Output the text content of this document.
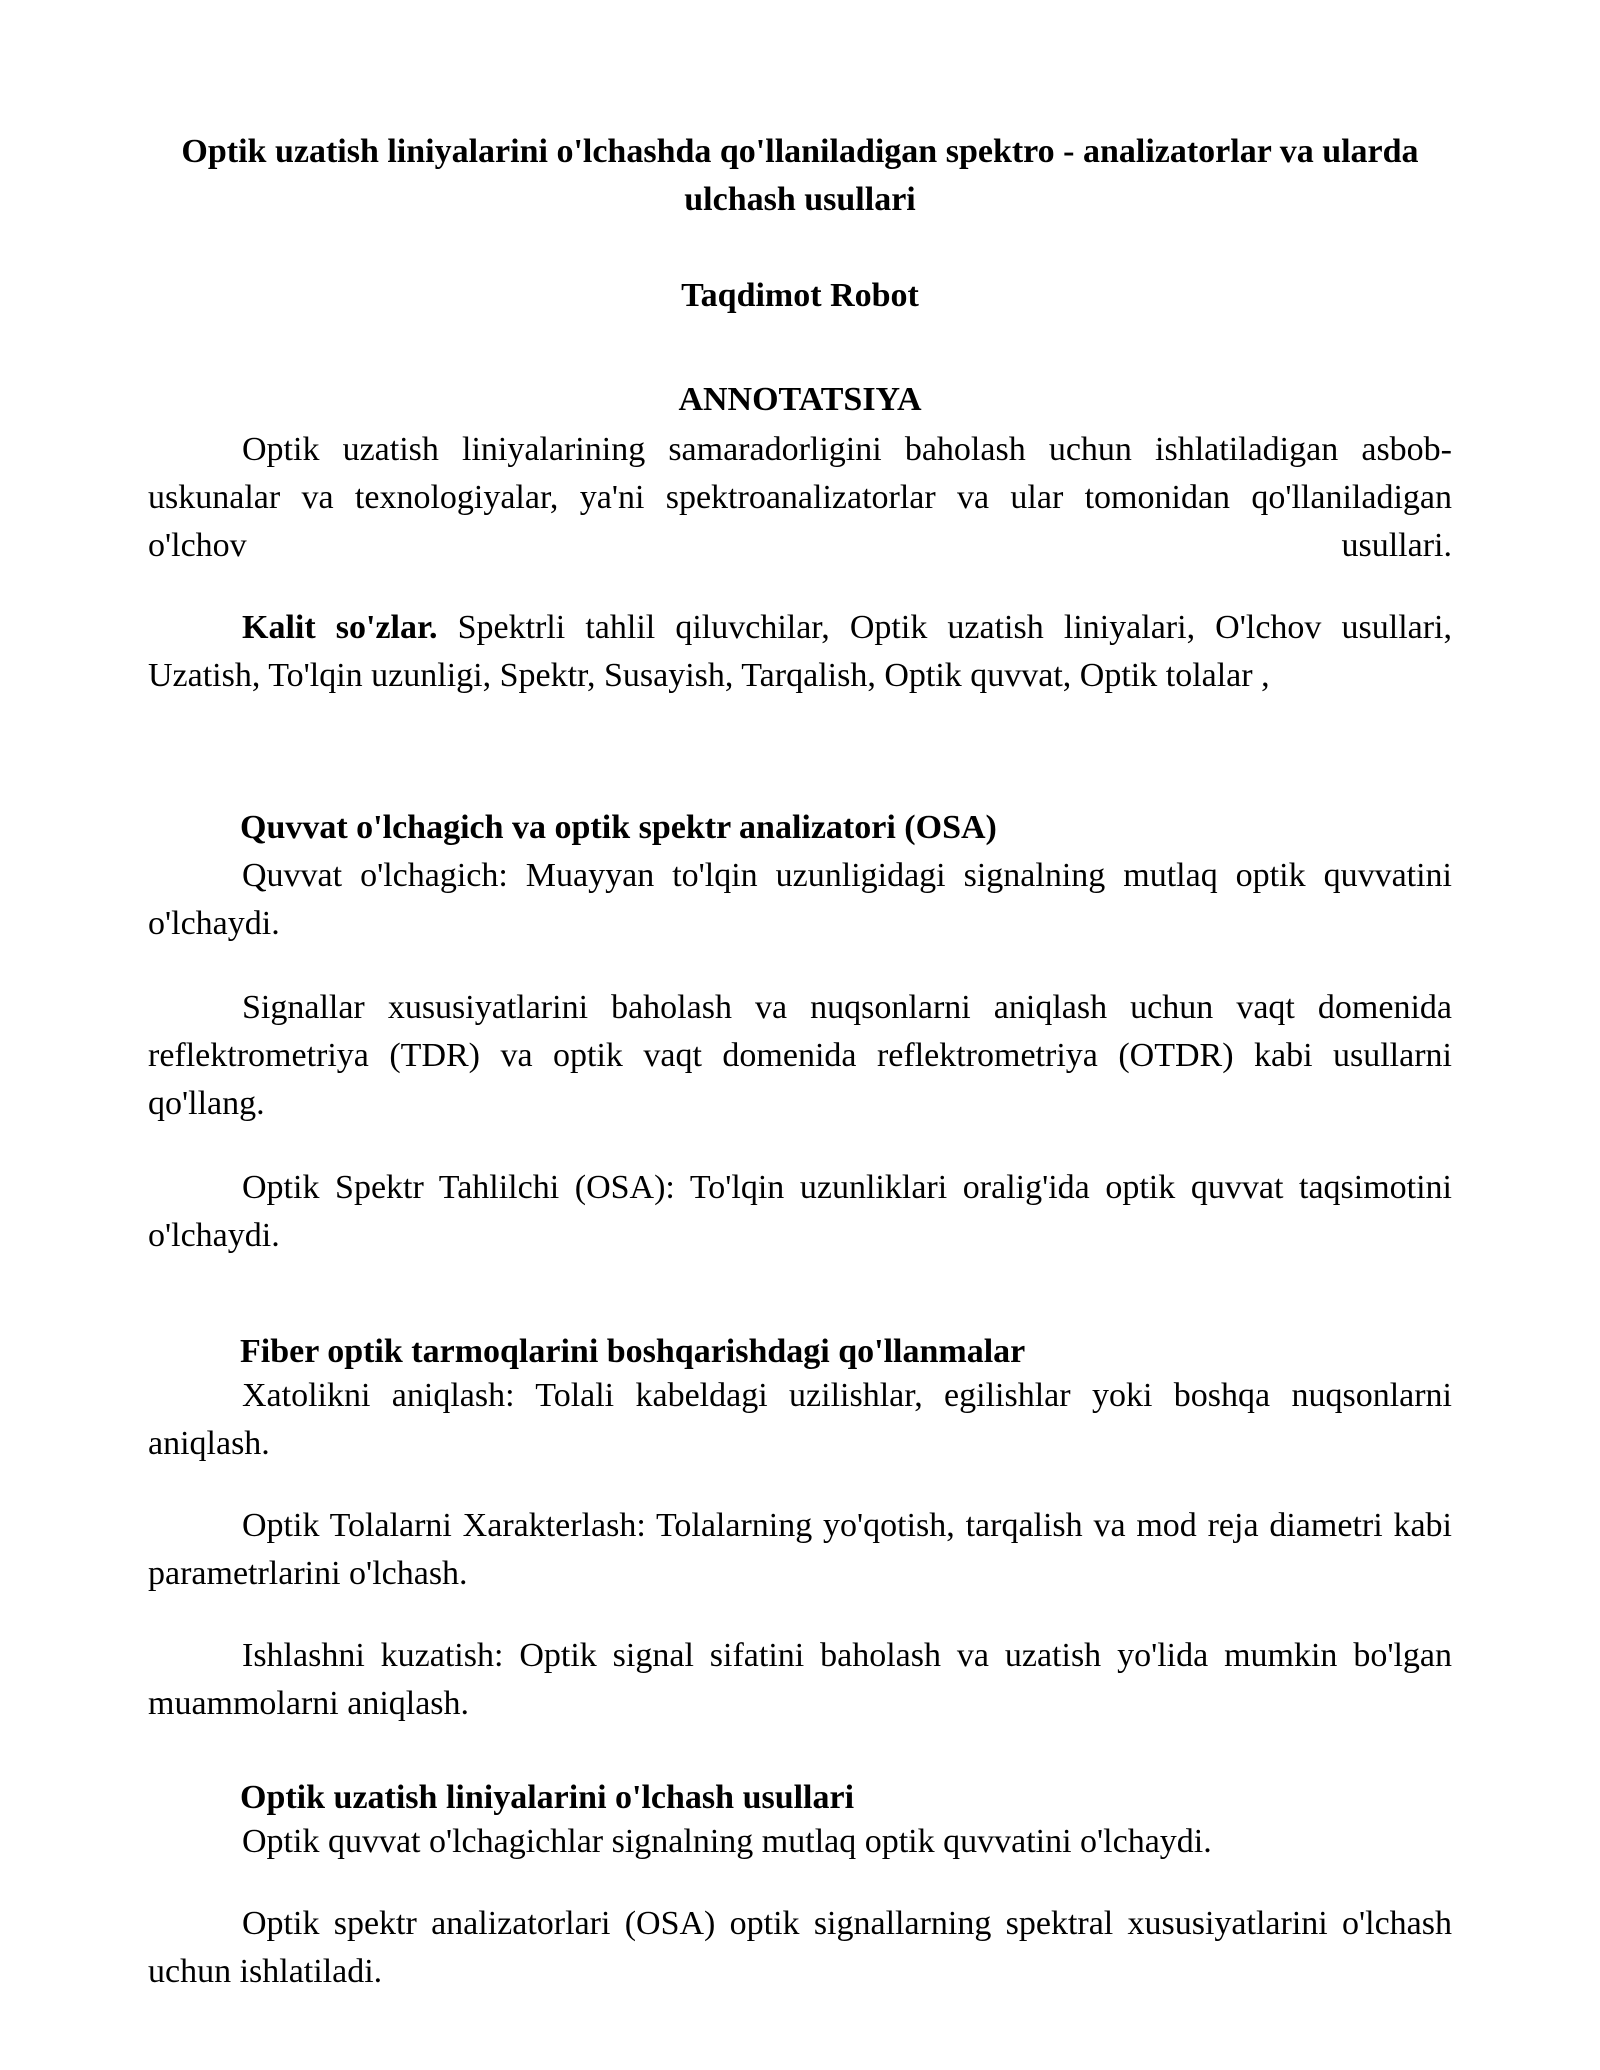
Optik uzatish liniyalarini o'lchashda qo'llaniladigan spektro - analizatorlar va ularda ulchash usullari

Taqdimot Robot

ANNOTATSIYA

Optik uzatish liniyalarining samaradorligini baholash uchun ishlatiladigan asbob-uskunalar va texnologiyalar, ya'ni spektroanalizatorlar va ular tomonidan qo'llaniladigan o'lchov usullari.

Kalit so'zlar. Spektrli tahlil qiluvchilar, Optik uzatish liniyalari, O'lchov usullari, Uzatish, To'lqin uzunligi, Spektr, Susayish, Tarqalish, Optik quvvat, Optik tolalar ,

Quvvat o'lchagich va optik spektr analizatori (OSA)

Quvvat o'lchagich: Muayyan to'lqin uzunligidagi signalning mutlaq optik quvvatini o'lchaydi.

Signallar xususiyatlarini baholash va nuqsonlarni aniqlash uchun vaqt domenida reflektrometriya (TDR) va optik vaqt domenida reflektrometriya (OTDR) kabi usullarni qo'llang.

Optik Spektr Tahlilchi (OSA): To'lqin uzunliklari oralig'ida optik quvvat taqsimotini o'lchaydi.

Fiber optik tarmoqlarini boshqarishdagi qo'llanmalar

Xatolikni aniqlash: Tolali kabeldagi uzilishlar, egilishlar yoki boshqa nuqsonlarni aniqlash.

Optik Tolalarni Xarakterlash: Tolalarning yo'qotish, tarqalish va mod reja diametri kabi parametrlarini o'lchash.

Ishlashni kuzatish: Optik signal sifatini baholash va uzatish yo'lida mumkin bo'lgan muammolarni aniqlash.

Optik uzatish liniyalarini o'lchash usullari

Optik quvvat o'lchagichlar signalning mutlaq optik quvvatini o'lchaydi.

Optik spektr analizatorlari (OSA) optik signallarning spektral xususiyatlarini o'lchash uchun ishlatiladi.
